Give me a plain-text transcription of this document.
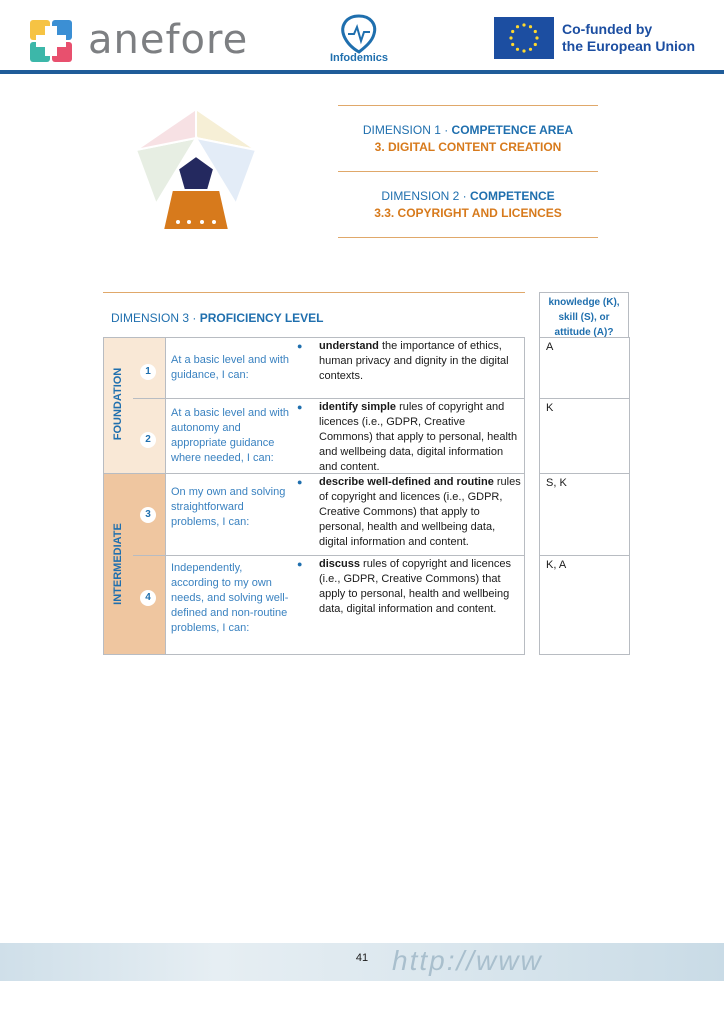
anefore	Infodemics
Co-funded by
the European Union
DIMENSION 1 · COMPETENCE AREA
3. DIGITAL CONTENT CREATION
DIMENSION 2 · COMPETENCE
3.3. COPYRIGHT AND LICENCES
DIMENSION 3 · PROFICIENCY LEVEL
knowledge (K),
skill (S), or
attitude (A)?
FOUNDATION
INTERMEDIATE
1
At a basic level and with guidance, I can:
● understand the importance of ethics, human privacy and dignity in the digital contexts.
A
2
At a basic level and with autonomy and appropriate guidance where needed, I can:
● identify simple rules of copyright and licences (i.e., GDPR, Creative Commons) that apply to personal, health and wellbeing data, digital information and content.
K
3
On my own and solving straightforward problems, I can:
● describe well-defined and routine rules of copyright and licences (i.e., GDPR, Creative Commons) that apply to personal, health and wellbeing data, digital information and content.
S, K
4
Independently, according to my own needs, and solving well-defined and non-routine problems, I can:
● discuss rules of copyright and licences (i.e., GDPR, Creative Commons) that apply to personal, health and wellbeing data, digital information and content.
K, A
http://www
41
